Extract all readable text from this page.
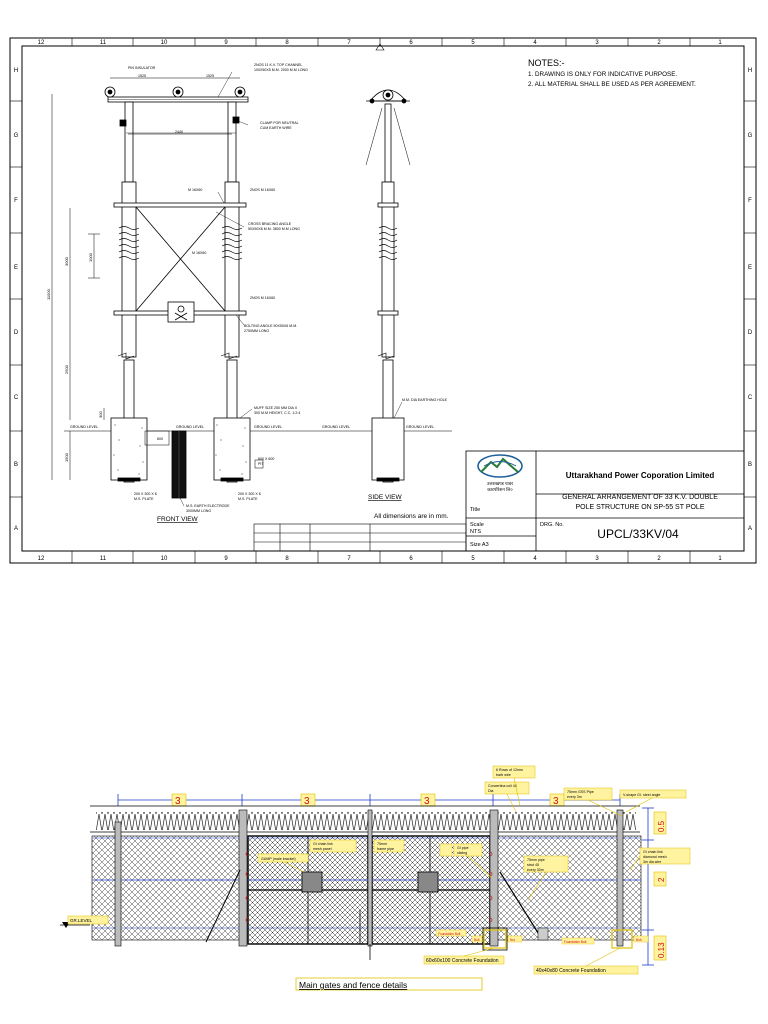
12	11	10	9	8	7	6	5	4	3	2	1
12	11	10	9	8	7	6	5	4	3	2	1
H
G
F
E
D
C
B
A
H
G
F
E
D
C
B
A
NOTES:-
1. DRAWING IS ONLY FOR INDICATIVE PURPOSE.
2. ALL MATERIAL SHALL BE USED AS PER AGREEMENT.
PIN INSULATOR
2NOS 11 K.V. TOP CHANNEL
100X50X5 M.M. 2000 M.M LONG
CLAMP FOR NEUTRAL
CUM EARTH WIRE
M 16X60	2NOS M 16X60
CROSS BRACING ANGLE
50X50X6 M.M. 3800 M.M LONG
M 16X60
2NOS M 16X60
BOLTING ANGLE 50X50X6 M.M.
2750MM LONG
MUFF SIZE 250 MM DIA X
300 M.M HEIGHT, C.C. 1:2:4
GROUND LEVEL	GROUND LEVEL	GROUND LEVEL
200 X 300 X 6
M.S. PLATE
200 X 300 X 6
M.S. PLATE
M.S. EARTH ELECTRODE
3000MM LONG
600 X 600
PIT
1525	1525
2440
600
11000
3000	1000
2500
300
1500
FRONT VIEW
M.M. DIA EARTHING HOLE
GROUND LEVEL	GROUND LEVEL
SIDE VIEW
All dimensions are in mm.
उत्तराखण्ड पावर
कारपोरेशन लि०
Uttarakhand Power Coporation Limited
Title
GENERAL ARRANGEMENT OF 33 K.V. DOUBLE
POLE STRUCTURE ON SP-55 ST POLE
Scale
NTS
DRG. No.
UPCL/33KV/04
Size A3
3	3	3	3
0.5
2
0.13
GR.LEVEL
6 Rows of 12mm
barb wire
Concertina coil 45
Dia	75mm GSS Pipe
every 3m	V-shape GI. steel angle
GI pipe
sliding
GUMP (male bracket)
GI chain link
mesh panel
75mm
frame pipe
75mm pipe
strut 45
every 30m
GI chain link
diamond mesh
3m dia wire
60x60x100 Concrete Foundation
40x40x80 Concrete Foundation
Foundation Bolt
Foundation Bolt
Bolt	Nut	Bolt
Main gates and fence details
